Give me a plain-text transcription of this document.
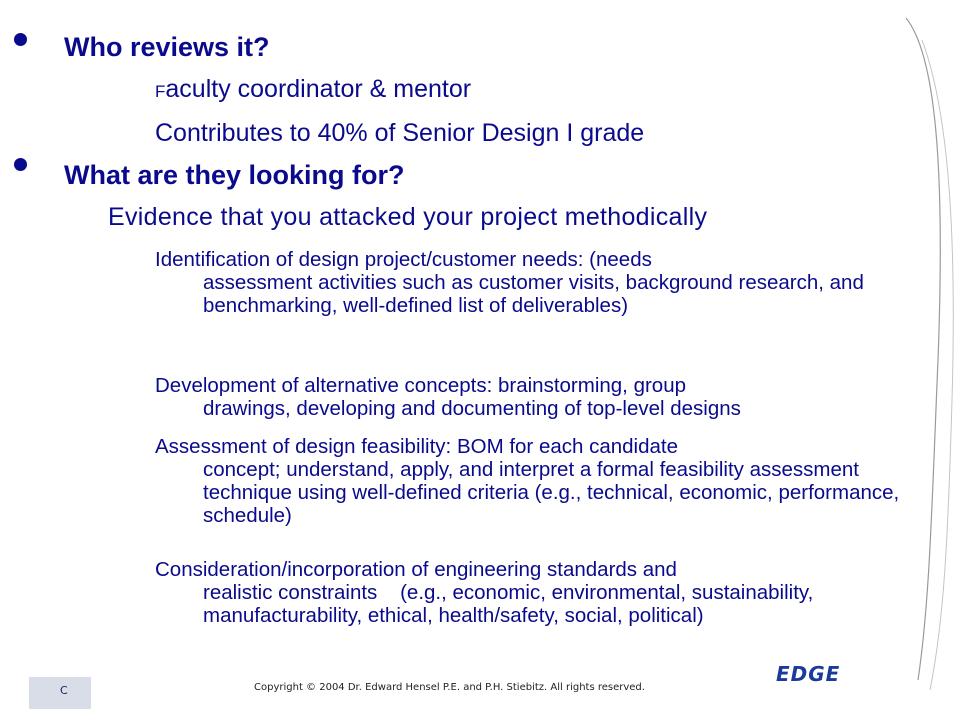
Who reviews it?

Faculty coordinator & mentor

Contributes to 40% of Senior Design I grade

What are they looking for?

Evidence that you attacked your project methodically

Identification of design project/customer needs: (needs
assessment activities such as customer visits, background research, and benchmarking, well-defined list of deliverables)
Development of alternative concepts: brainstorming, group
drawings, developing and documenting of top-level designs
Assessment of design feasibility: BOM for each candidate
concept; understand, apply, and interpret a formal feasibility assessment technique using well-defined criteria (e.g., technical, economic, performance, schedule)
Consideration/incorporation of engineering standards and
realistic constraints    (e.g., economic, environmental, sustainability, manufacturability, ethical, health/safety, social, political)
C	Copyright © 2004 Dr. Edward Hensel P.E. and P.H. Stiebitz. All rights reserved.
EDGE
